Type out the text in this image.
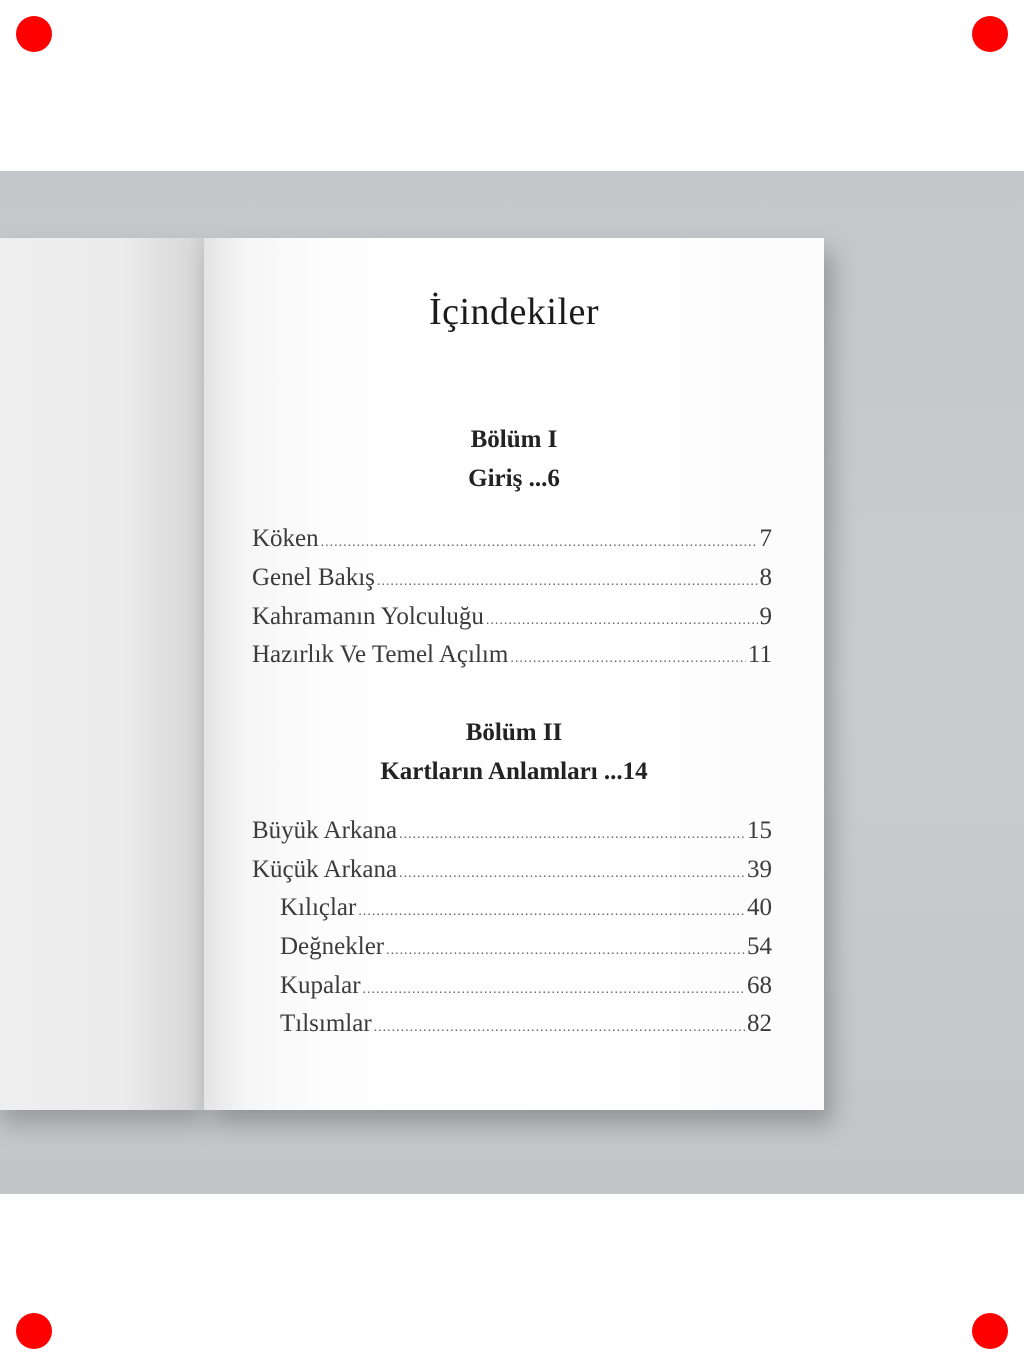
İçindekiler
Bölüm I
Giriş ...6
Köken .....	7
Genel Bakış .....	8
Kahramanın Yolculuğu .....	9
Hazırlık Ve Temel Açılım .....	11
Bölüm II
Kartların Anlamları ...14
Büyük Arkana .....	15
Küçük Arkana .....	39
Kılıçlar .....	40
Değnekler .....	54
Kupalar .....	68
Tılsımlar .....	82
